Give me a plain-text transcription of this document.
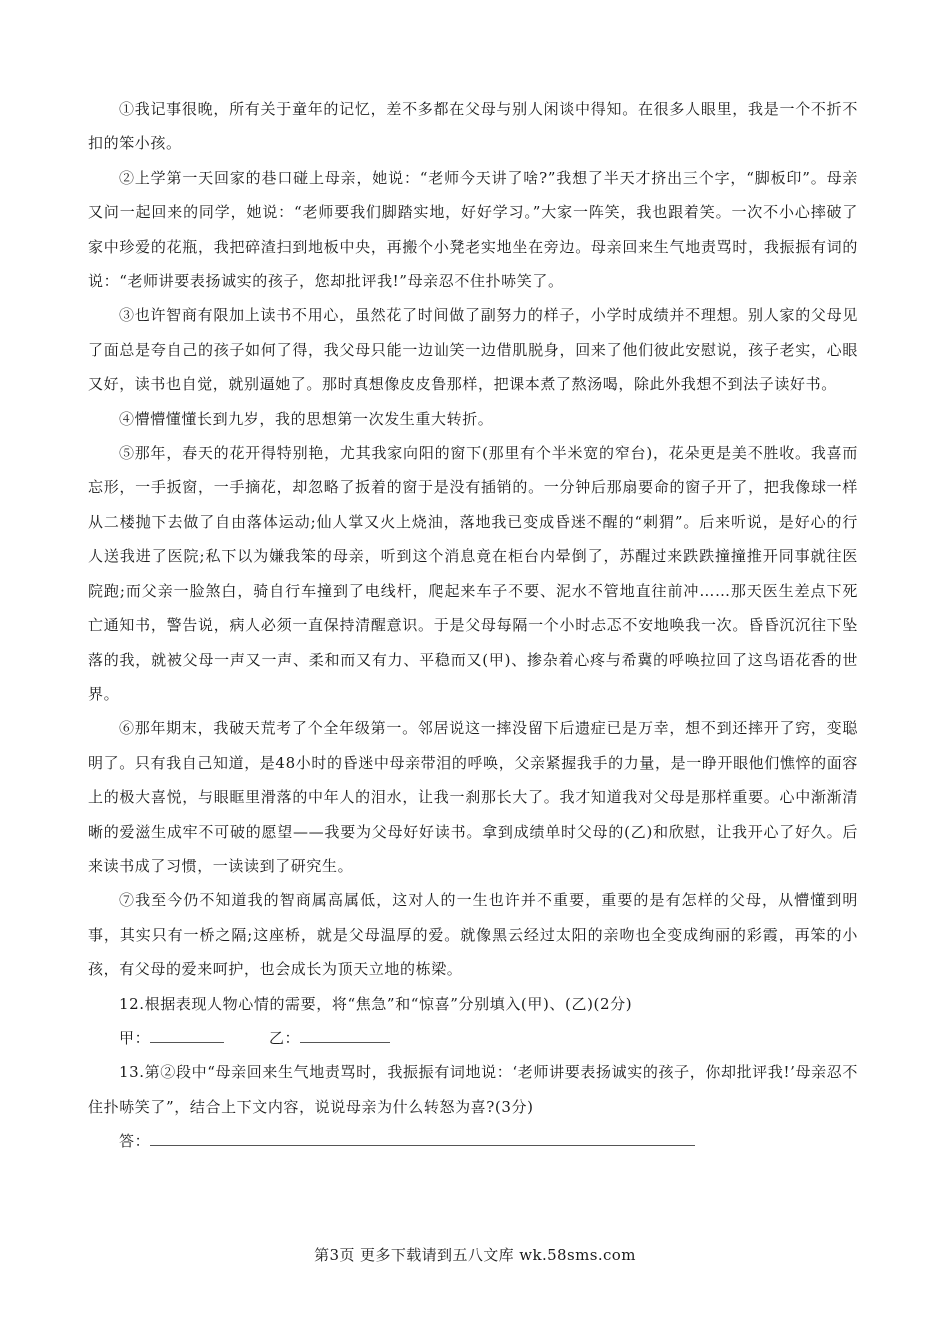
①我记事很晚，所有关于童年的记忆，差不多都在父母与别人闲谈中得知。在很多人眼里，我是一个不折不扣的笨小孩。

②上学第一天回家的巷口碰上母亲，她说：“老师今天讲了啥?”我想了半天才挤出三个字，“脚板印”。母亲又问一起回来的同学，她说：“老师要我们脚踏实地，好好学习。”大家一阵笑，我也跟着笑。一次不小心摔破了家中珍爱的花瓶，我把碎渣扫到地板中央，再搬个小凳老实地坐在旁边。母亲回来生气地责骂时，我振振有词的说：“老师讲要表扬诚实的孩子，您却批评我!”母亲忍不住扑哧笑了。

③也许智商有限加上读书不用心，虽然花了时间做了副努力的样子，小学时成绩并不理想。别人家的父母见了面总是夸自己的孩子如何了得，我父母只能一边讪笑一边借肌脱身，回来了他们彼此安慰说，孩子老实，心眼又好，读书也自觉，就别逼她了。那时真想像皮皮鲁那样，把课本煮了熬汤喝，除此外我想不到法子读好书。

④懵懵懂懂长到九岁，我的思想第一次发生重大转折。

⑤那年，春天的花开得特别艳，尤其我家向阳的窗下(那里有个半米宽的窄台)，花朵更是美不胜收。我喜而忘形，一手扳窗，一手摘花，却忽略了扳着的窗于是没有插销的。一分钟后那扇要命的窗子开了，把我像球一样从二楼抛下去做了自由落体运动;仙人掌又火上烧油，落地我已变成昏迷不醒的“刺猬”。后来听说，是好心的行人送我进了医院;私下以为嫌我笨的母亲，听到这个消息竟在柜台内晕倒了，苏醒过来跌跌撞撞推开同事就往医院跑;而父亲一脸煞白，骑自行车撞到了电线杆，爬起来车子不要、泥水不管地直往前冲……那天医生差点下死亡通知书，警告说，病人必须一直保持清醒意识。于是父母每隔一个小时忐忑不安地唤我一次。昏昏沉沉往下坠落的我，就被父母一声又一声、柔和而又有力、平稳而又(甲)、掺杂着心疼与希冀的呼唤拉回了这鸟语花香的世界。

⑥那年期末，我破天荒考了个全年级第一。邻居说这一摔没留下后遗症已是万幸，想不到还摔开了窍，变聪明了。只有我自己知道，是48小时的昏迷中母亲带泪的呼唤，父亲紧握我手的力量，是一睁开眼他们憔悴的面容上的极大喜悦，与眼眶里滑落的中年人的泪水，让我一刹那长大了。我才知道我对父母是那样重要。心中渐渐清晰的爱滋生成牢不可破的愿望——我要为父母好好读书。拿到成绩单时父母的(乙)和欣慰，让我开心了好久。后来读书成了习惯，一读读到了研究生。

⑦我至今仍不知道我的智商属高属低，这对人的一生也许并不重要，重要的是有怎样的父母，从懵懂到明事，其实只有一桥之隔;这座桥，就是父母温厚的爱。就像黑云经过太阳的亲吻也全变成绚丽的彩霞，再笨的小孩，有父母的爱来呵护，也会成长为顶天立地的栋梁。

12.根据表现人物心情的需要，将“焦急”和“惊喜”分别填入(甲)、(乙)(2分)

甲：	乙：

13.第②段中“母亲回来生气地责骂时，我振振有词地说：‘老师讲要表扬诚实的孩子，你却批评我!’母亲忍不住扑哧笑了”，结合上下文内容，说说母亲为什么转怒为喜?(3分)

答：

第3页 更多下载请到五八文库 wk.58sms.com
